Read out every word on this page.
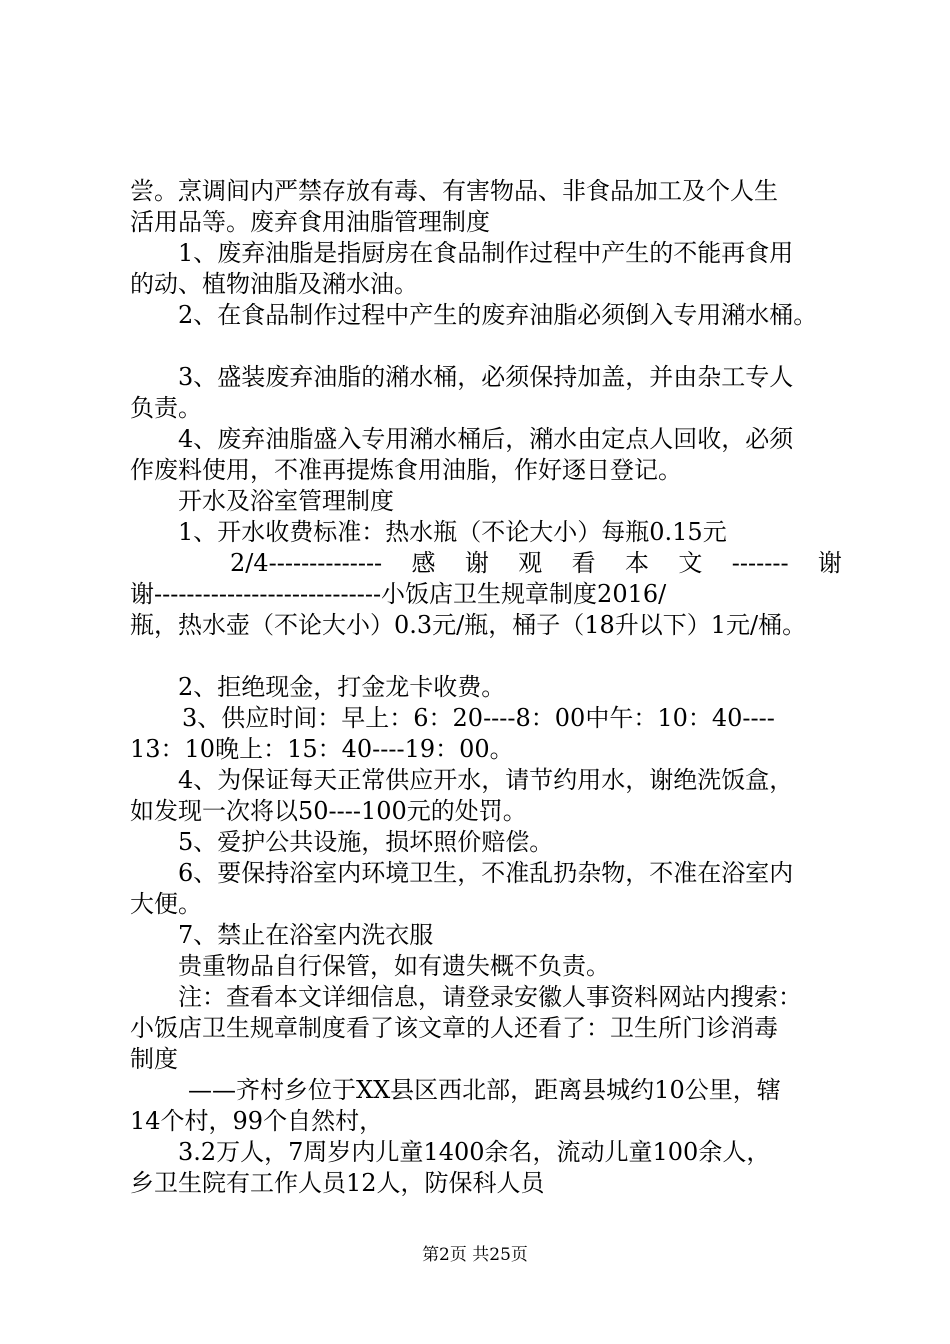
尝。烹调间内严禁存放有毒、有害物品、非食品加工及个人生
活用品等。废弃食用油脂管理制度
1、废弃油脂是指厨房在食品制作过程中产生的不能再食用
的动、植物油脂及潲水油。
2、在食品制作过程中产生的废弃油脂必须倒入专用潲水桶。
3、盛装废弃油脂的潲水桶，必须保持加盖，并由杂工专人
负责。
4、废弃油脂盛入专用潲水桶后，潲水由定点人回收，必须
作废料使用，不准再提炼食用油脂，作好逐日登记。
开水及浴室管理制度
1、开水收费标准：热水瓶（不论大小）每瓶0.15元
2/4-------------- 感 谢 观 看 本 文 ------- 谢
谢----------------------------小饭店卫生规章制度2016/
瓶，热水壶（不论大小）0.3元/瓶，桶子（18升以下）1元/桶。
2、拒绝现金，打金龙卡收费。
3、供应时间：早上：6：20----8：00中午：10：40----
13：10晚上：15：40----19：00。
4、为保证每天正常供应开水，请节约用水，谢绝洗饭盒，
如发现一次将以50----100元的处罚。
5、爱护公共设施，损坏照价赔偿。
6、要保持浴室内环境卫生，不准乱扔杂物，不准在浴室内
大便。
7、禁止在浴室内洗衣服
贵重物品自行保管，如有遗失概不负责。
注：查看本文详细信息，请登录安徽人事资料网站内搜索：
小饭店卫生规章制度看了该文章的人还看了：卫生所门诊消毒
制度
——齐村乡位于XX县区西北部，距离县城约10公里，辖
14个村，99个自然村，
3.2万人，7周岁内儿童1400余名，流动儿童100余人，
乡卫生院有工作人员12人，防保科人员
第2页 共25页
